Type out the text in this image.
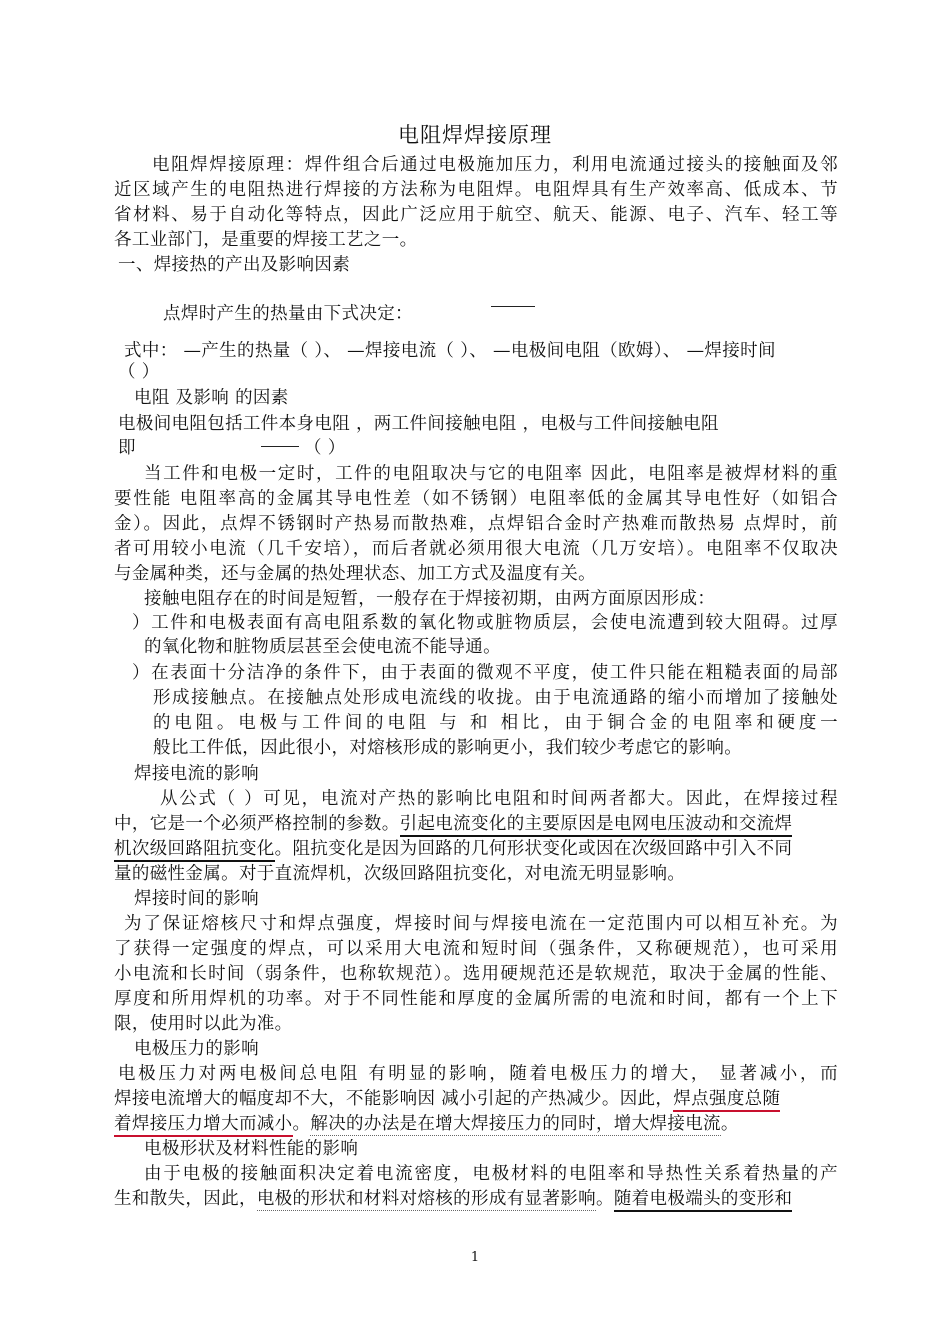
电阻焊焊接原理
电阻焊焊接原理：焊件组合后通过电极施加压力，利用电流通过接头的接触面及邻
近区域产生的电阻热进行焊接的方法称为电阻焊。电阻焊具有生产效率高、低成本、节
省材料、易于自动化等特点，因此广泛应用于航空、航天、能源、电子、汽车、轻工等
各工业部门，是重要的焊接工艺之一。
一、焊接热的产出及影响因素
点焊时产生的热量由下式决定：
式中： —产生的热量（ ）、 —焊接电流（ ）、 —电极间电阻（欧姆）、 —焊接时间
（ ）
电阻 及影响 的因素
电极间电阻包括工件本身电阻 ，两工件间接触电阻 ，电极与工件间接触电阻
即	（ ）
当工件和电极一定时，工件的电阻取决与它的电阻率 因此，电阻率是被焊材料的重
要性能 电阻率高的金属其导电性差（如不锈钢）电阻率低的金属其导电性好（如铝合
金）。因此，点焊不锈钢时产热易而散热难，点焊铝合金时产热难而散热易 点焊时，前
者可用较小电流（几千安培），而后者就必须用很大电流（几万安培）。电阻率不仅取决
与金属种类，还与金属的热处理状态、加工方式及温度有关。
接触电阻存在的时间是短暂，一般存在于焊接初期，由两方面原因形成：
）工件和电极表面有高电阻系数的氧化物或脏物质层，会使电流遭到较大阻碍。过厚
的氧化物和脏物质层甚至会使电流不能导通。
）在表面十分洁净的条件下，由于表面的微观不平度，使工件只能在粗糙表面的局部
形成接触点。在接触点处形成电流线的收拢。由于电流通路的缩小而增加了接触处
的电阻。电极与工件间的电阻 与 和 相比，由于铜合金的电阻率和硬度一
般比工件低，因此很小，对熔核形成的影响更小，我们较少考虑它的影响。
焊接电流的影响
从公式（ ）可见，电流对产热的影响比电阻和时间两者都大。因此，在焊接过程
中，它是一个必须严格控制的参数。引起电流变化的主要原因是电网电压波动和交流焊
机次级回路阻抗变化。阻抗变化是因为回路的几何形状变化或因在次级回路中引入不同
量的磁性金属。对于直流焊机，次级回路阻抗变化，对电流无明显影响。
焊接时间的影响
为了保证熔核尺寸和焊点强度，焊接时间与焊接电流在一定范围内可以相互补充。为
了获得一定强度的焊点，可以采用大电流和短时间（强条件，又称硬规范），也可采用
小电流和长时间（弱条件，也称软规范）。选用硬规范还是软规范，取决于金属的性能、
厚度和所用焊机的功率。对于不同性能和厚度的金属所需的电流和时间，都有一个上下
限，使用时以此为准。
电极压力的影响
电极压力对两电极间总电阻 有明显的影响，随着电极压力的增大， 显著减小，而
焊接电流增大的幅度却不大，不能影响因 减小引起的产热减少。因此，焊点强度总随
着焊接压力增大而减小。解决的办法是在增大焊接压力的同时，增大焊接电流。
电极形状及材料性能的影响
由于电极的接触面积决定着电流密度，电极材料的电阻率和导热性关系着热量的产
生和散失，因此，电极的形状和材料对熔核的形成有显著影响。随着电极端头的变形和
1
